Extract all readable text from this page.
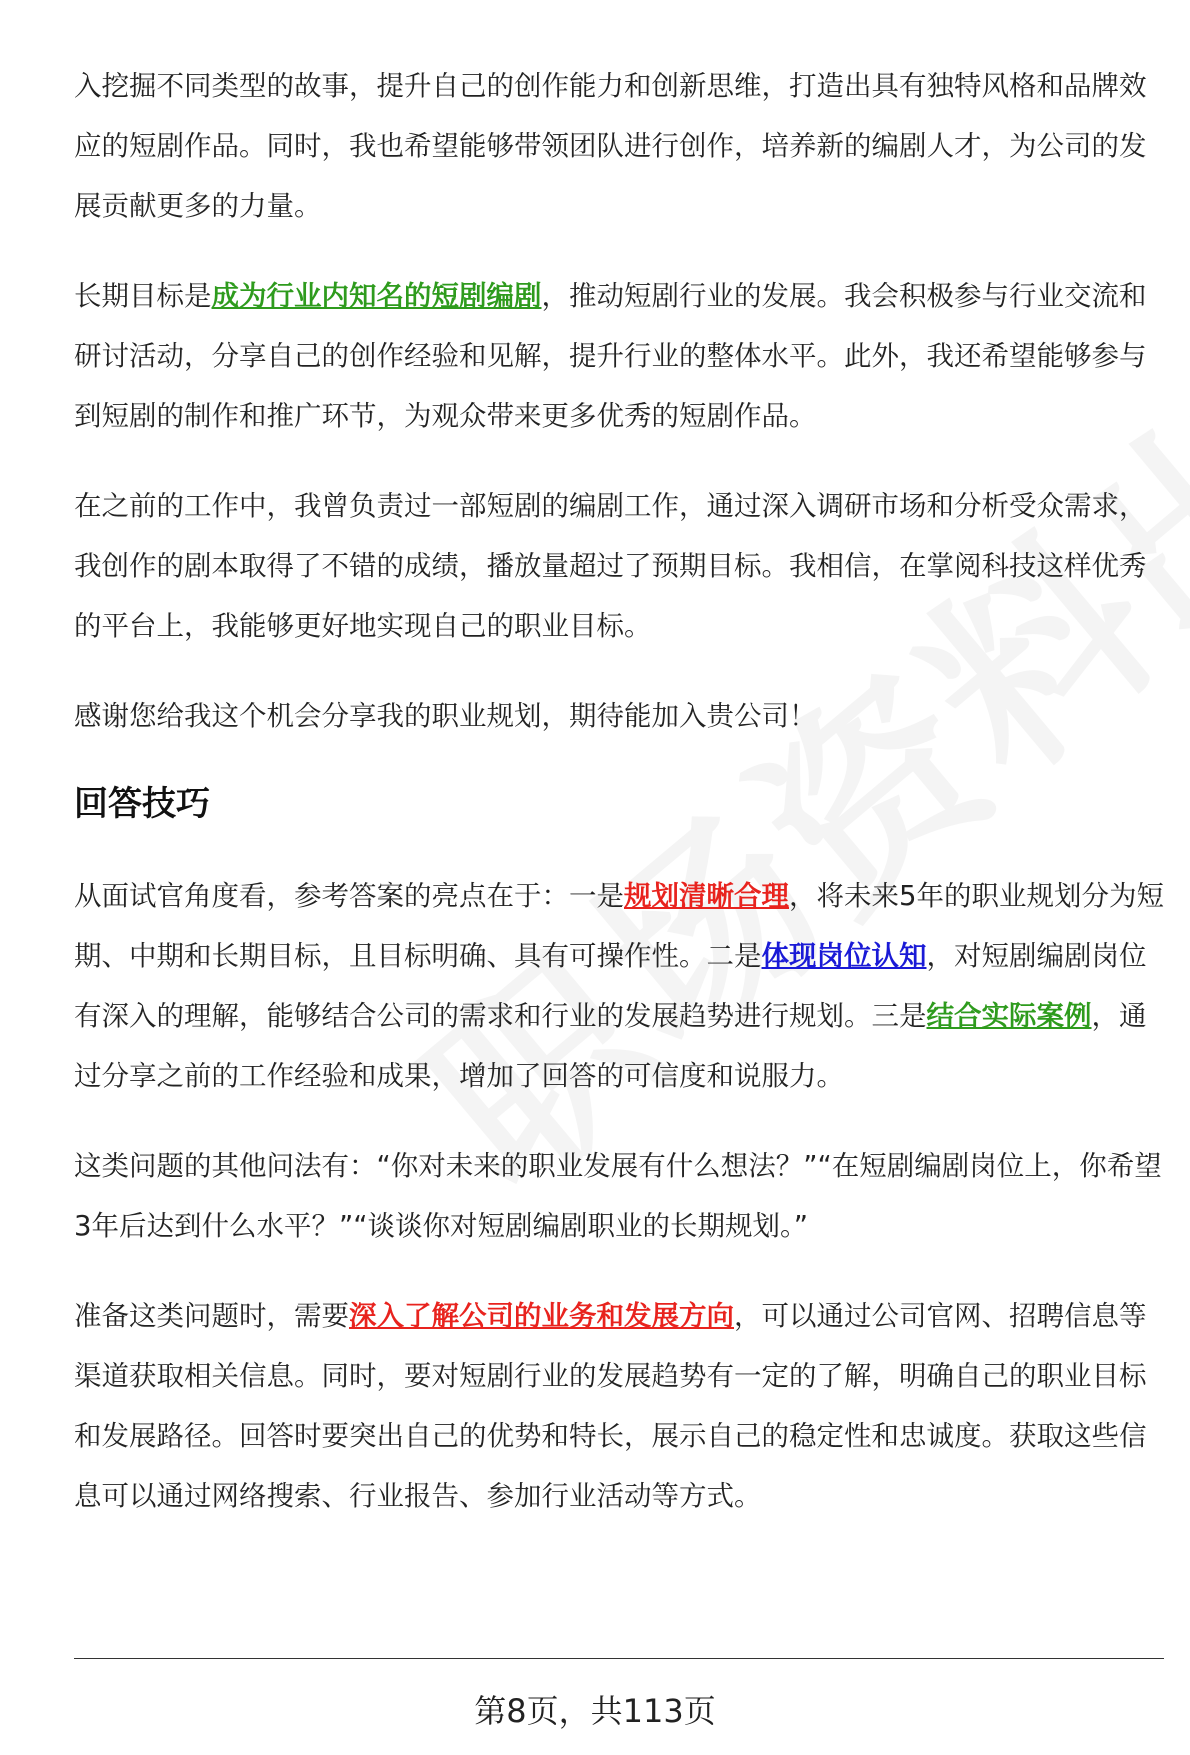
入挖掘不同类型的故事，提升自己的创作能力和创新思维，打造出具有独特风格和品牌效应的短剧作品。同时，我也希望能够带领团队进行创作，培养新的编剧人才，为公司的发展贡献更多的力量。

长期目标是成为行业内知名的短剧编剧，推动短剧行业的发展。我会积极参与行业交流和研讨活动，分享自己的创作经验和见解，提升行业的整体水平。此外，我还希望能够参与到短剧的制作和推广环节，为观众带来更多优秀的短剧作品。

在之前的工作中，我曾负责过一部短剧的编剧工作，通过深入调研市场和分析受众需求，我创作的剧本取得了不错的成绩，播放量超过了预期目标。我相信，在掌阅科技这样优秀的平台上，我能够更好地实现自己的职业目标。

感谢您给我这个机会分享我的职业规划，期待能加入贵公司！

回答技巧

从面试官角度看，参考答案的亮点在于：一是规划清晰合理，将未来5年的职业规划分为短期、中期和长期目标，且目标明确、具有可操作性。二是体现岗位认知，对短剧编剧岗位有深入的理解，能够结合公司的需求和行业的发展趋势进行规划。三是结合实际案例，通过分享之前的工作经验和成果，增加了回答的可信度和说服力。

这类问题的其他问法有：“你对未来的职业发展有什么想法？”“在短剧编剧岗位上，你希望3年后达到什么水平？”“谈谈你对短剧编剧职业的长期规划。”

准备这类问题时，需要深入了解公司的业务和发展方向，可以通过公司官网、招聘信息等渠道获取相关信息。同时，要对短剧行业的发展趋势有一定的了解，明确自己的职业目标和发展路径。回答时要突出自己的优势和特长，展示自己的稳定性和忠诚度。获取这些信息可以通过网络搜索、行业报告、参加行业活动等方式。

第8页，共113页
